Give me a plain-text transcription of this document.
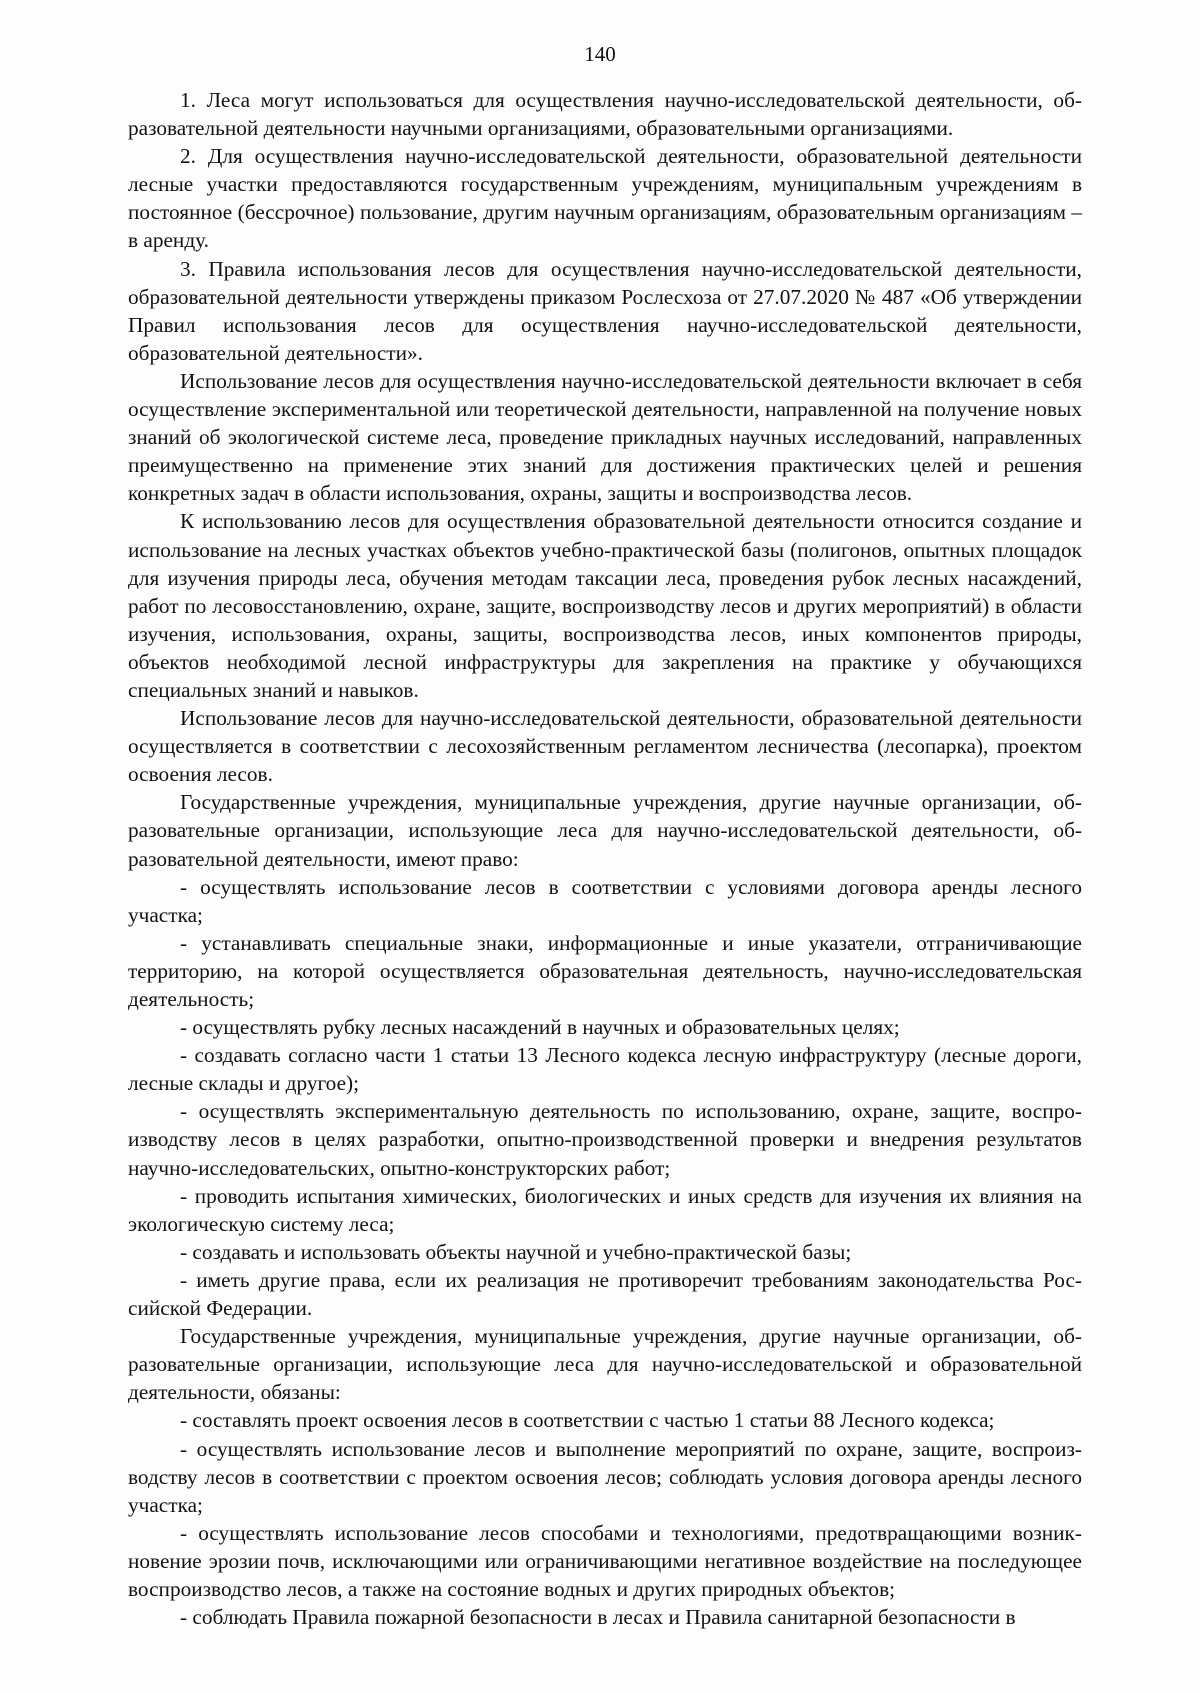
140

1. Леса могут использоваться для осуществления научно-исследовательской деятельности, образовательной деятельности научными организациями, образовательными организациями.

2. Для осуществления научно-исследовательской деятельности, образовательной деятельности лесные участки предоставляются государственным учреждениям, муниципальным учреждениям в постоянное (бессрочное) пользование, другим научным организациям, образовательным организациям – в аренду.

3. Правила использования лесов для осуществления научно-исследовательской деятельности, образовательной деятельности утверждены приказом Рослесхоза от 27.07.2020 № 487 «Об утверждении Правил использования лесов для осуществления научно-исследовательской деятельности, образовательной деятельности».

Использование лесов для осуществления научно-исследовательской деятельности включает в себя осуществление экспериментальной или теоретической деятельности, направленной на получение новых знаний об экологической системе леса, проведение прикладных научных исследований, направленных преимущественно на применение этих знаний для достижения практических целей и решения конкретных задач в области использования, охраны, защиты и воспроизводства лесов.

К использованию лесов для осуществления образовательной деятельности относится создание и использование на лесных участках объектов учебно-практической базы (полигонов, опытных площадок для изучения природы леса, обучения методам таксации леса, проведения рубок лесных насаждений, работ по лесовосстановлению, охране, защите, воспроизводству лесов и других мероприятий) в области изучения, использования, охраны, защиты, воспроизводства лесов, иных компонентов природы, объектов необходимой лесной инфраструктуры для закрепления на практике у обучающихся специальных знаний и навыков.

Использование лесов для научно-исследовательской деятельности, образовательной деятельности осуществляется в соответствии с лесохозяйственным регламентом лесничества (лесопарка), проектом освоения лесов.

Государственные учреждения, муниципальные учреждения, другие научные организации, образовательные организации, использующие леса для научно-исследовательской деятельности, образовательной деятельности, имеют право:

- осуществлять использование лесов в соответствии с условиями договора аренды лесного участка;

- устанавливать специальные знаки, информационные и иные указатели, отграничивающие территорию, на которой осуществляется образовательная деятельность, научно-исследовательская деятельность;

- осуществлять рубку лесных насаждений в научных и образовательных целях;

- создавать согласно части 1 статьи 13 Лесного кодекса лесную инфраструктуру (лесные дороги, лесные склады и другое);

- осуществлять экспериментальную деятельность по использованию, охране, защите, воспроизводству лесов в целях разработки, опытно-производственной проверки и внедрения результатов научно-исследовательских, опытно-конструкторских работ;

- проводить испытания химических, биологических и иных средств для изучения их влияния на экологическую систему леса;

- создавать и использовать объекты научной и учебно-практической базы;

- иметь другие права, если их реализация не противоречит требованиям законодательства Российской Федерации.

Государственные учреждения, муниципальные учреждения, другие научные организации, образовательные организации, использующие леса для научно-исследовательской и образовательной деятельности, обязаны:

- составлять проект освоения лесов в соответствии с частью 1 статьи 88 Лесного кодекса;

- осуществлять использование лесов и выполнение мероприятий по охране, защите, воспроизводству лесов в соответствии с проектом освоения лесов; соблюдать условия договора аренды лесного участка;

- осуществлять использование лесов способами и технологиями, предотвращающими возникновение эрозии почв, исключающими или ограничивающими негативное воздействие на последующее воспроизводство лесов, а также на состояние водных и других природных объектов;

- соблюдать Правила пожарной безопасности в лесах и Правила санитарной безопасности в
